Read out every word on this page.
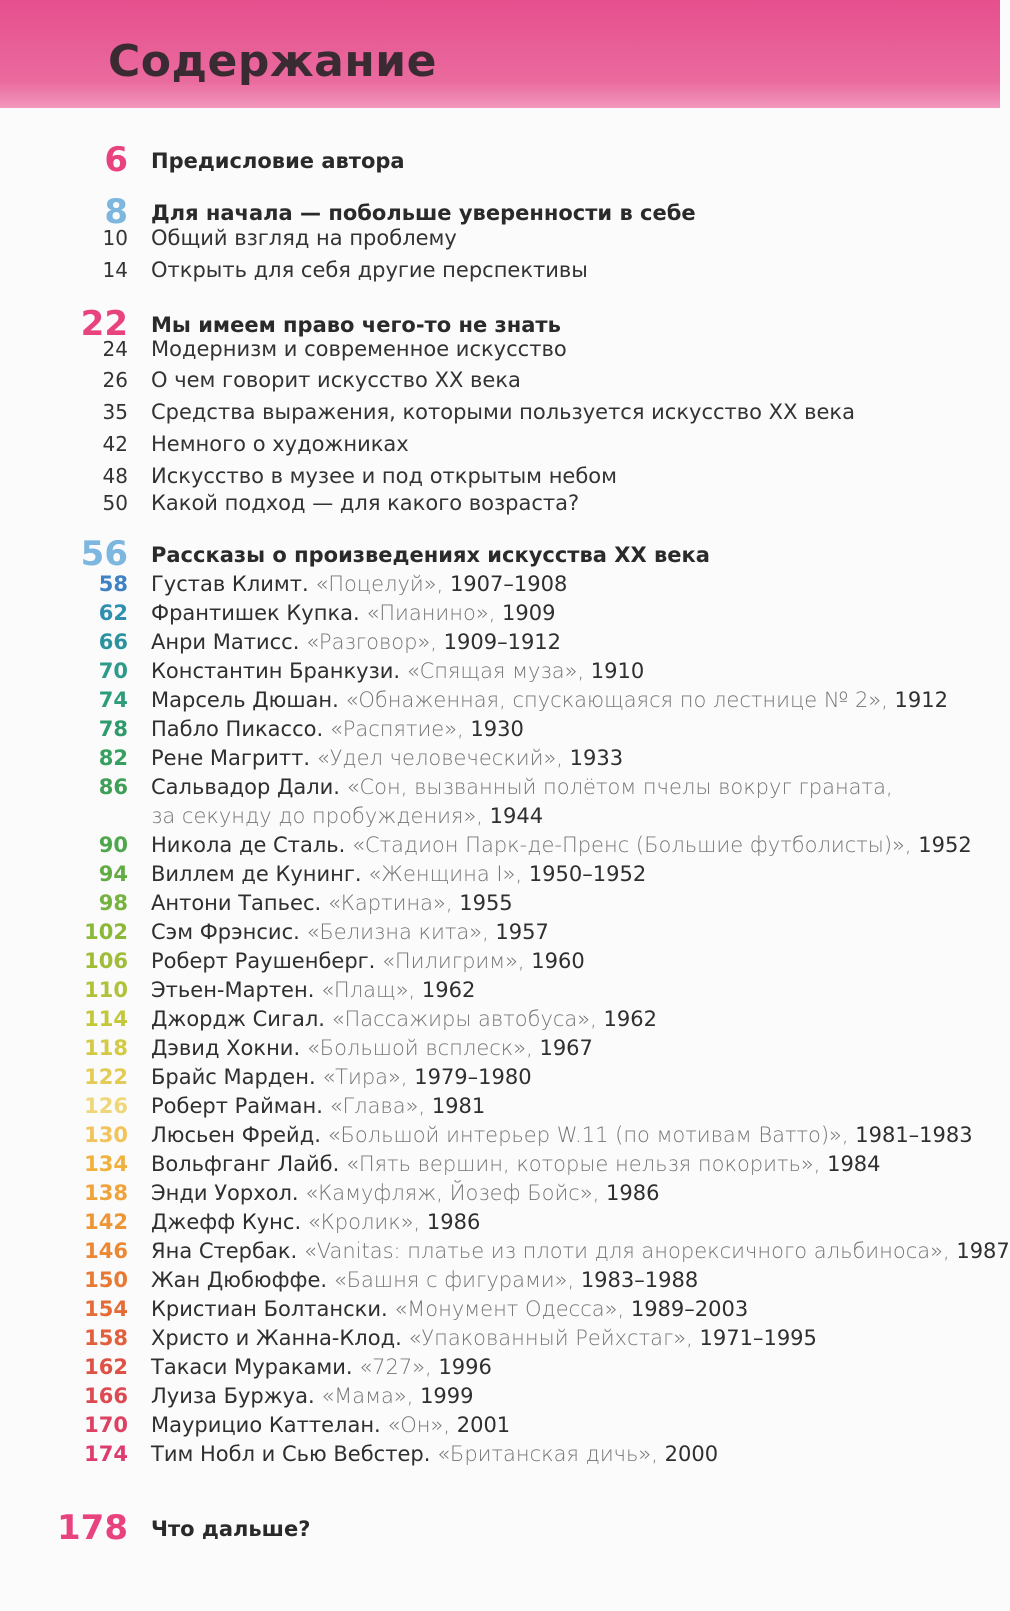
Содержание
6 Предисловие автора
8 Для начала — побольше уверенности в себе
10 Общий взгляд на проблему
14 Открыть для себя другие перспективы
22 Мы имеем право чего-то не знать
24 Модернизм и современное искусство
26 О чем говорит искусство XX века
35 Средства выражения, которыми пользуется искусство XX века
42 Немного о художниках
48 Искусство в музее и под открытым небом
50 Какой подход — для какого возраста?
56 Рассказы о произведениях искусства XX века
58 Густав Климт. «Поцелуй», 1907–1908
62 Франтишек Купка. «Пианино», 1909
66 Анри Матисс. «Разговор», 1909–1912
70 Константин Бранкузи. «Спящая муза», 1910
74 Марсель Дюшан. «Обнаженная, спускающаяся по лестнице № 2», 1912
78 Пабло Пикассо. «Распятие», 1930
82 Рене Магритт. «Удел человеческий», 1933
86 Сальвадор Дали. «Сон, вызванный полётом пчелы вокруг граната,
за секунду до пробуждения», 1944
90 Никола де Сталь. «Стадион Парк-де-Пренс (Большие футболисты)», 1952
94 Виллем де Кунинг. «Женщина I», 1950–1952
98 Антони Тапьес. «Картина», 1955
102 Сэм Фрэнсис. «Белизна кита», 1957
106 Роберт Раушенберг. «Пилигрим», 1960
110 Этьен-Мартен. «Плащ», 1962
114 Джордж Сигал. «Пассажиры автобуса», 1962
118 Дэвид Хокни. «Большой всплеск», 1967
122 Брайс Марден. «Тира», 1979–1980
126 Роберт Райман. «Глава», 1981
130 Люсьен Фрейд. «Большой интерьер W.11 (по мотивам Ватто)», 1981–1983
134 Вольфганг Лайб. «Пять вершин, которые нельзя покорить», 1984
138 Энди Уорхол. «Камуфляж, Йозеф Бойс», 1986
142 Джефф Кунс. «Кролик», 1986
146 Яна Стербак. «Vanitas: платье из плоти для анорексичного альбиноса», 1987
150 Жан Дюбюффе. «Башня с фигурами», 1983–1988
154 Кристиан Болтански. «Монумент Одесса», 1989–2003
158 Христо и Жанна-Клод. «Упакованный Рейхстаг», 1971–1995
162 Такаси Мураками. «727», 1996
166 Луиза Буржуа. «Мама», 1999
170 Маурицио Каттелан. «Он», 2001
174 Тим Нобл и Сью Вебстер. «Британская дичь», 2000
178 Что дальше?
